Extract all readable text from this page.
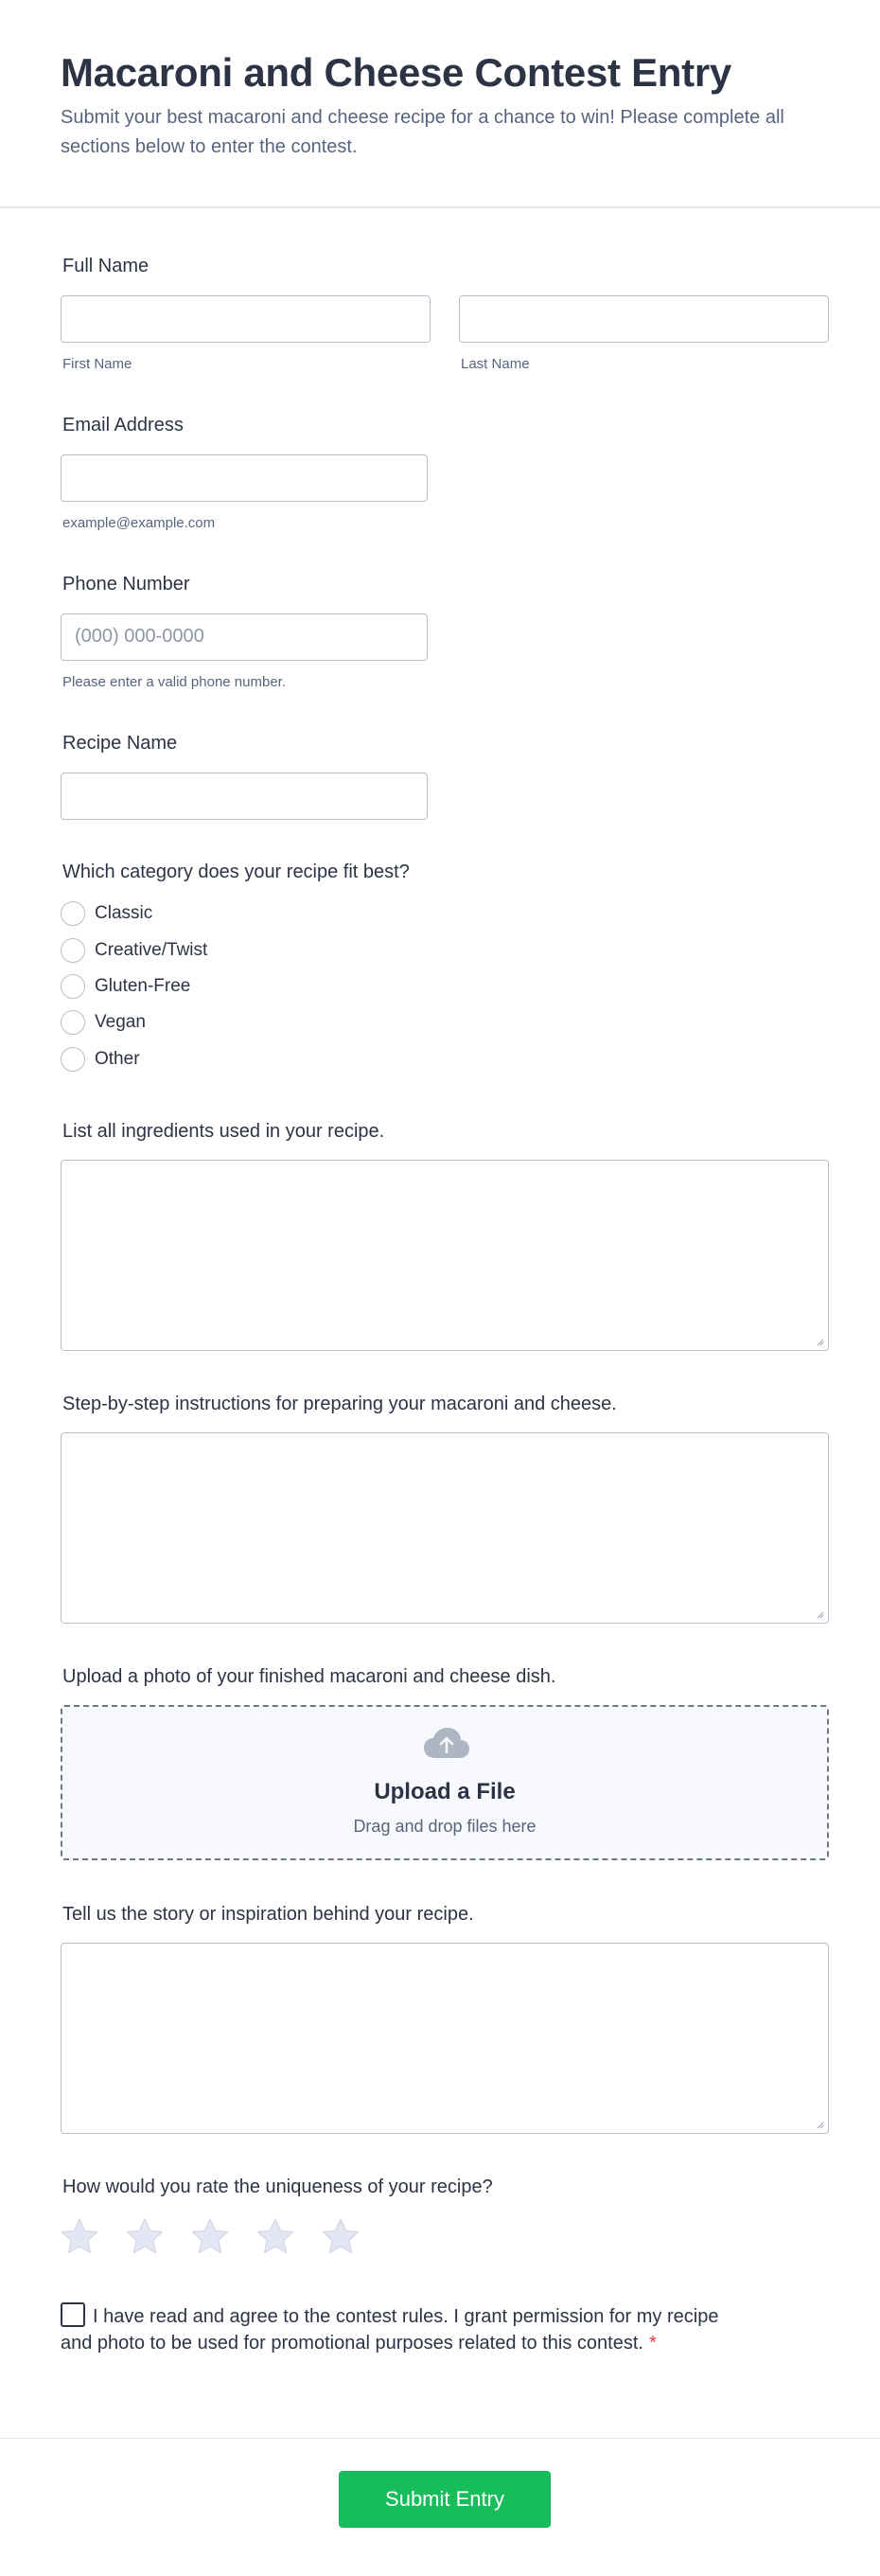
Macaroni and Cheese Contest Entry
Submit your best macaroni and cheese recipe for a chance to win! Please complete all sections below to enter the contest.
Full Name
First Name	Last Name
Email Address
example@example.com
Phone Number
(000) 000-0000
Please enter a valid phone number.
Recipe Name
Which category does your recipe fit best?
Classic
Creative/Twist
Gluten-Free
Vegan
Other
List all ingredients used in your recipe.
Step-by-step instructions for preparing your macaroni and cheese.
Upload a photo of your finished macaroni and cheese dish.
Upload a File
Drag and drop files here
Tell us the story or inspiration behind your recipe.
How would you rate the uniqueness of your recipe?
I have read and agree to the contest rules. I grant permission for my recipe and photo to be used for promotional purposes related to this contest. *
Submit Entry
